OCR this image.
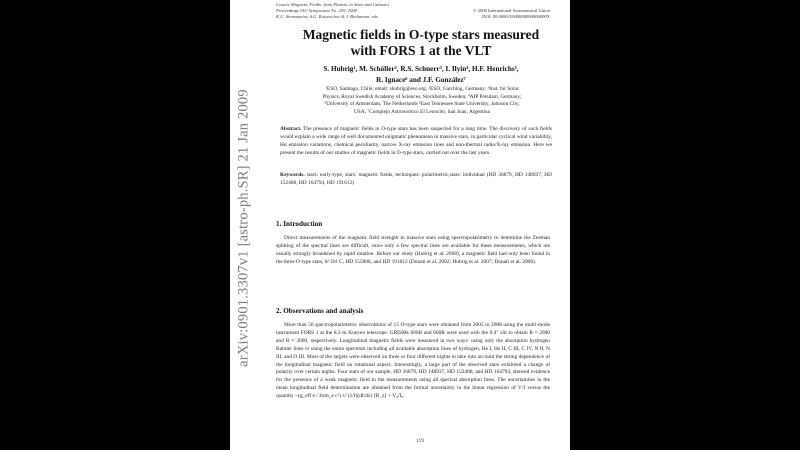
arXiv:0901.3307v1 [astro-ph.SR] 21 Jan 2009
Cosmic Magnetic Fields: from Planets, to Stars and Galaxies
Proceedings IAU Symposium No. 259, 2008
K.G. Strassmeier, A.G. Kosovichev & J. Beckmann, eds.
© 2008 International Astronomical Union
DOI: 00.0000/X000000000000000X
Magnetic fields in O-type stars measured
with FORS 1 at the VLT
S. Hubrig¹, M. Schöller², R.S. Schnerr³, I. Ilyin⁴, H.F. Henrichs⁵,
R. Ignace⁶ and J.F. González⁷
¹ESO, Santiago, Chile; email: shubrig@eso.org; ²ESO, Garching, Germany; ³Inst. for Solar
Physics, Royal Swedish Academy of Sciences, Stockholm, Sweden; ⁴AIP Potsdam, Germany;
⁵University of Amsterdam, The Netherlands ⁶East Tennessee State University, Johnson City,
USA; ⁷Complejo Astronomico El Leoncito, San Juan, Argentina
Abstract. The presence of magnetic fields in O-type stars has been suspected for a long time. The discovery of such fields would explain a wide range of well documented enigmatic phenomena in massive stars, in particular cyclical wind variability, Hα emission variations, chemical peculiarity, narrow X-ray emission lines and non-thermal radio/X-ray emission. Here we present the results of our studies of magnetic fields in O-type stars, carried out over the last years.
Keywords. stars: early-type, stars: magnetic fields, techniques: polarimetric,stars: individual (HD 36879, HD 148937, HD 152408, HD 164794, HD 191612)
1. Introduction
Direct measurements of the magnetic field strength in massive stars using spectropolarimetry to determine the Zeeman splitting of the spectral lines are difficult, since only a few spectral lines are available for these measurements, which are usually strongly broadened by rapid rotation. Before our study (Hubrig et al. 2008), a magnetic field had only been found in the three O-type stars, θ¹ Ori C, HD 155806, and HD 191612 (Donati et al. 2002; Hubrig et al. 2007; Donati et al. 2006).
2. Observations and analysis
More than 50 spectropolarimetric observations of 15 O-type stars were obtained from 2005 to 2008 using the multi-mode instrument FORS 1 at the 8.2-m Kueyen telescope. GRISMs 600B and 600R were used with the 0.4″ slit to obtain R ≈ 2000 and R ≈ 3000, respectively. Longitudinal magnetic fields were measured in two ways: using only the absorption hydrogen Balmer lines or using the entire spectrum including all available absorption lines of hydrogen, He I, He II, C III, C IV, N II, N III, and O III. Most of the targets were observed on three or four different nights to take into account the strong dependence of the longitudinal magnetic field on rotational aspect. Interestingly, a large part of the observed stars exhibited a change of polarity over certain nights. Four stars of our sample, HD 36879, HD 148937, HD 152408, and HD 164794, showed evidence for the presence of a weak magnetic field in the measurements using all spectral absorption lines. The uncertainties in the mean longitudinal field determination are obtained from the formal uncertainty in the linear regression of V/I versus the quantity −(g_eff e / 4πm_e c²) λ² (1/I)(dI/dλ) ⟨B_z⟩ + V₀/I₀.
119
